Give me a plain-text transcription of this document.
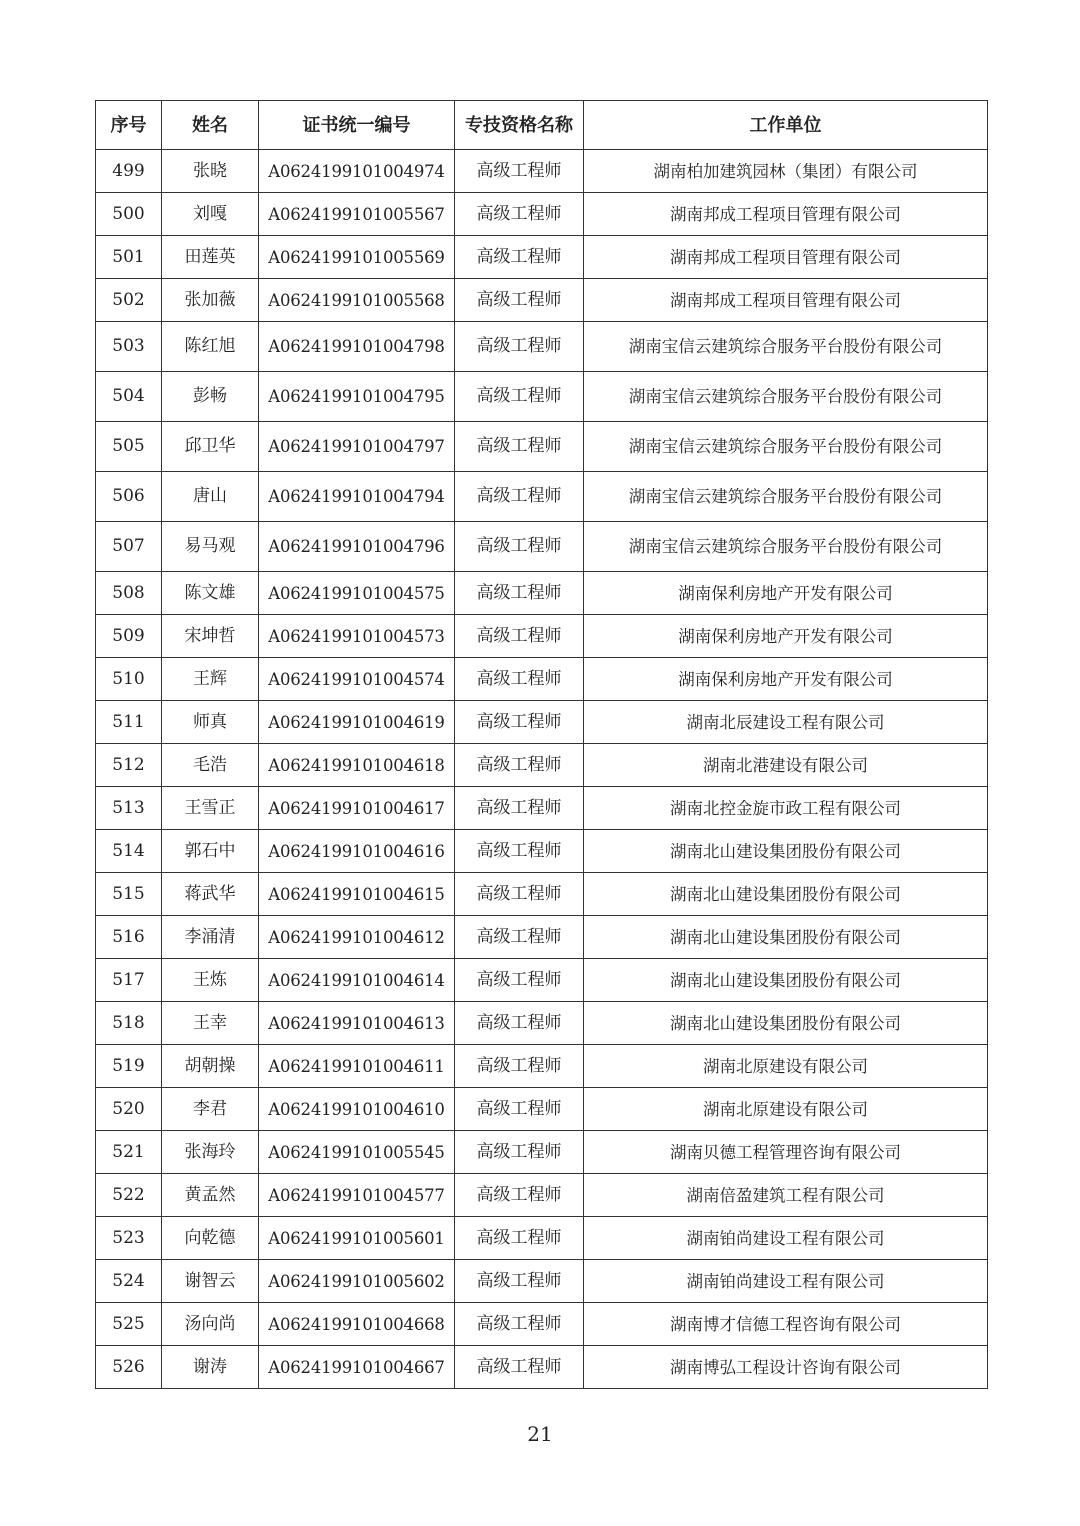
序号	姓名	证书统一编号	专技资格名称	工作单位
499	张晓	A0624199101004974	高级工程师	湖南柏加建筑园林（集团）有限公司
500	刘嘎	A0624199101005567	高级工程师	湖南邦成工程项目管理有限公司
501	田莲英	A0624199101005569	高级工程师	湖南邦成工程项目管理有限公司
502	张加薇	A0624199101005568	高级工程师	湖南邦成工程项目管理有限公司
503	陈红旭	A0624199101004798	高级工程师	湖南宝信云建筑综合服务平台股份有限公司
504	彭畅	A0624199101004795	高级工程师	湖南宝信云建筑综合服务平台股份有限公司
505	邱卫华	A0624199101004797	高级工程师	湖南宝信云建筑综合服务平台股份有限公司
506	唐山	A0624199101004794	高级工程师	湖南宝信云建筑综合服务平台股份有限公司
507	易马观	A0624199101004796	高级工程师	湖南宝信云建筑综合服务平台股份有限公司
508	陈文雄	A0624199101004575	高级工程师	湖南保利房地产开发有限公司
509	宋坤哲	A0624199101004573	高级工程师	湖南保利房地产开发有限公司
510	王辉	A0624199101004574	高级工程师	湖南保利房地产开发有限公司
511	师真	A0624199101004619	高级工程师	湖南北辰建设工程有限公司
512	毛浩	A0624199101004618	高级工程师	湖南北港建设有限公司
513	王雪正	A0624199101004617	高级工程师	湖南北控金旋市政工程有限公司
514	郭石中	A0624199101004616	高级工程师	湖南北山建设集团股份有限公司
515	蒋武华	A0624199101004615	高级工程师	湖南北山建设集团股份有限公司
516	李涌清	A0624199101004612	高级工程师	湖南北山建设集团股份有限公司
517	王炼	A0624199101004614	高级工程师	湖南北山建设集团股份有限公司
518	王幸	A0624199101004613	高级工程师	湖南北山建设集团股份有限公司
519	胡朝操	A0624199101004611	高级工程师	湖南北原建设有限公司
520	李君	A0624199101004610	高级工程师	湖南北原建设有限公司
521	张海玲	A0624199101005545	高级工程师	湖南贝德工程管理咨询有限公司
522	黄孟然	A0624199101004577	高级工程师	湖南倍盈建筑工程有限公司
523	向乾德	A0624199101005601	高级工程师	湖南铂尚建设工程有限公司
524	谢智云	A0624199101005602	高级工程师	湖南铂尚建设工程有限公司
525	汤向尚	A0624199101004668	高级工程师	湖南博才信德工程咨询有限公司
526	谢涛	A0624199101004667	高级工程师	湖南博弘工程设计咨询有限公司
21
